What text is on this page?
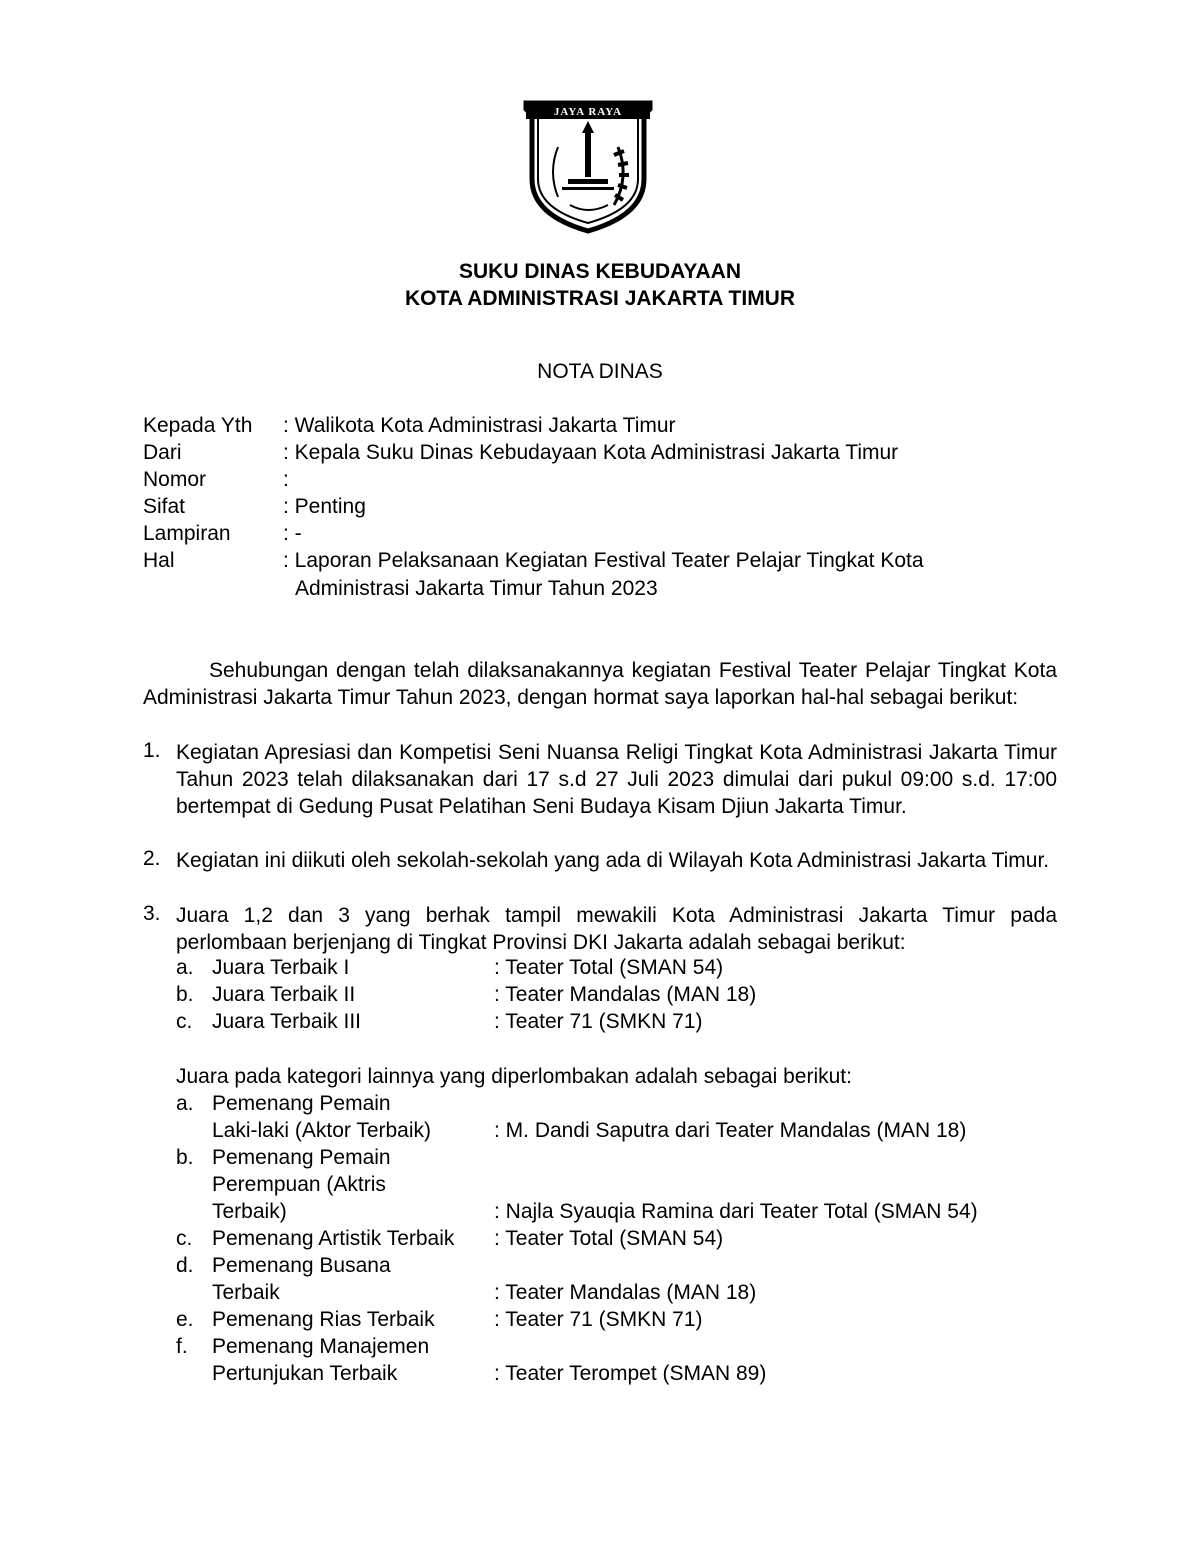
JAYA RAYA
SUKU DINAS KEBUDAYAAN
KOTA ADMINISTRASI JAKARTA TIMUR
NOTA DINAS
Kepada Yth : Walikota Kota Administrasi Jakarta Timur
Dari	: Kepala Suku Dinas Kebudayaan Kota Administrasi Jakarta Timur
Nomor	:
Sifat	: Penting
Lampiran : -
Hal	: Laporan Pelaksanaan Kegiatan Festival Teater Pelajar Tingkat Kota
Administrasi Jakarta Timur Tahun 2023
Sehubungan dengan telah dilaksanakannya kegiatan Festival Teater Pelajar Tingkat Kota Administrasi Jakarta Timur Tahun 2023, dengan hormat saya laporkan hal-hal sebagai berikut:
1. Kegiatan Apresiasi dan Kompetisi Seni Nuansa Religi Tingkat Kota Administrasi Jakarta Timur Tahun 2023 telah dilaksanakan dari 17 s.d 27 Juli 2023 dimulai dari pukul 09:00 s.d. 17:00 bertempat di Gedung Pusat Pelatihan Seni Budaya Kisam Djiun Jakarta Timur.
2. Kegiatan ini diikuti oleh sekolah-sekolah yang ada di Wilayah Kota Administrasi Jakarta Timur.
3. Juara 1,2 dan 3 yang berhak tampil mewakili Kota Administrasi Jakarta Timur pada perlombaan berjenjang di Tingkat Provinsi DKI Jakarta adalah sebagai berikut:
a. Juara Terbaik I	: Teater Total (SMAN 54)
b. Juara Terbaik II	: Teater Mandalas (MAN 18)
c. Juara Terbaik III	: Teater 71 (SMKN 71)
Juara pada kategori lainnya yang diperlombakan adalah sebagai berikut:
a. Pemenang Pemain
Laki-laki (Aktor Terbaik)	: M. Dandi Saputra dari Teater Mandalas (MAN 18)
b. Pemenang Pemain
Perempuan (Aktris
Terbaik)	: Najla Syauqia Ramina dari Teater Total (SMAN 54)
c. Pemenang Artistik Terbaik : Teater Total (SMAN 54)
d. Pemenang Busana
Terbaik	: Teater Mandalas (MAN 18)
e. Pemenang Rias Terbaik	: Teater 71 (SMKN 71)
f. Pemenang Manajemen
Pertunjukan Terbaik	: Teater Terompet (SMAN 89)
